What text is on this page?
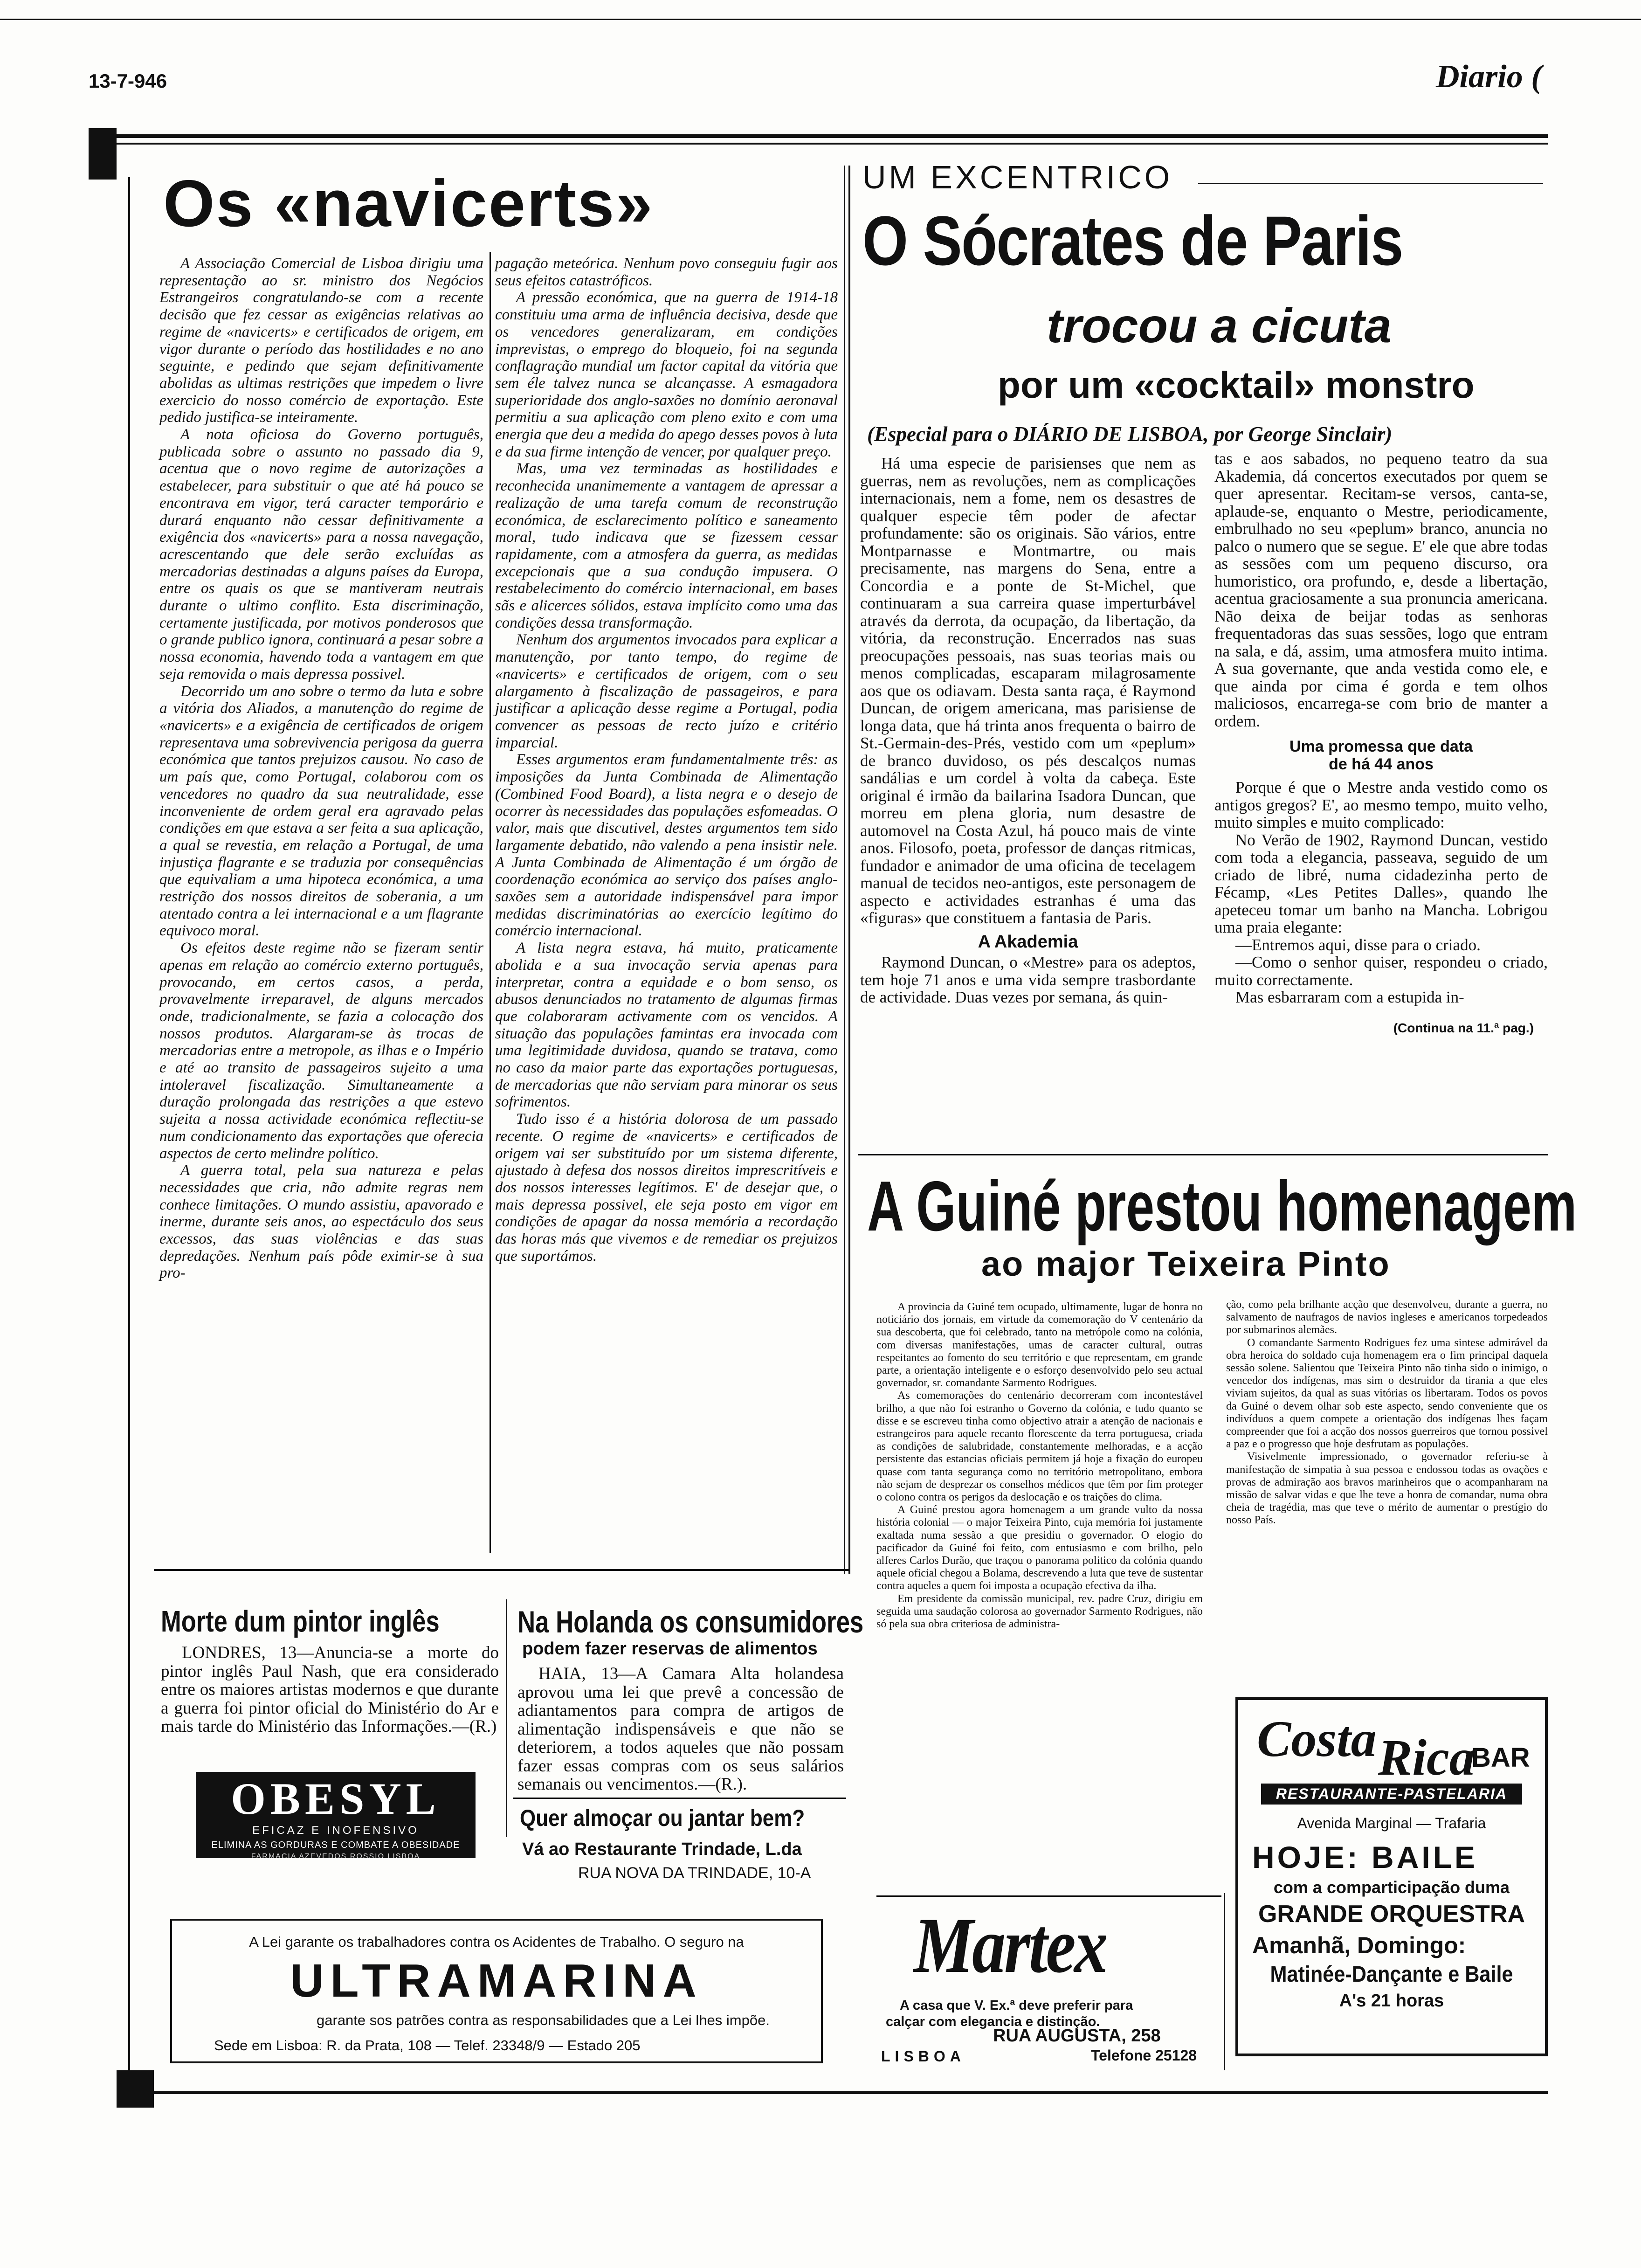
13-7-946	Diario (
Os «navicerts»

A Associação Comercial de Lisboa dirigiu uma representação ao sr. ministro dos Negócios Estrangeiros congratulando-se com a recente decisão que fez cessar as exigências relativas ao regime de «navicerts» e certificados de origem, em vigor durante o período das hostilidades e no ano seguinte, e pedindo que sejam definitivamente abolidas as ultimas restrições que impedem o livre exercicio do nosso comércio de exportação. Este pedido justifica-se inteiramente.

A nota oficiosa do Governo português, publicada sobre o assunto no passado dia 9, acentua que o novo regime de autorizações a estabelecer, para substituir o que até há pouco se encontrava em vigor, terá caracter temporário e durará enquanto não cessar definitivamente a exigência dos «navicerts» para a nossa navegação, acrescentando que dele serão excluídas as mercadorias destinadas a alguns países da Europa, entre os quais os que se mantiveram neutrais durante o ultimo conflito. Esta discriminação, certamente justificada, por motivos ponderosos que o grande publico ignora, continuará a pesar sobre a nossa economia, havendo toda a vantagem em que seja removida o mais depressa possivel.

Decorrido um ano sobre o termo da luta e sobre a vitória dos Aliados, a manutenção do regime de «navicerts» e a exigência de certificados de origem representava uma sobrevivencia perigosa da guerra económica que tantos prejuizos causou. No caso de um país que, como Portugal, colaborou com os vencedores no quadro da sua neutralidade, esse inconveniente de ordem geral era agravado pelas condições em que estava a ser feita a sua aplicação, a qual se revestia, em relação a Portugal, de uma injustiça flagrante e se traduzia por consequências que equivaliam a uma hipoteca económica, a uma restrição dos nossos direitos de soberania, a um atentado contra a lei internacional e a um flagrante equivoco moral.

Os efeitos deste regime não se fizeram sentir apenas em relação ao comércio externo português, provocando, em certos casos, a perda, provavelmente irreparavel, de alguns mercados onde, tradicionalmente, se fazia a colocação dos nossos produtos. Alargaram-se às trocas de mercadorias entre a metropole, as ilhas e o Império e até ao transito de passageiros sujeito a uma intoleravel fiscalização. Simultaneamente a duração prolongada das restrições a que estevo sujeita a nossa actividade económica reflectiu-se num condicionamento das exportações que oferecia aspectos de certo melindre político.

A guerra total, pela sua natureza e pelas necessidades que cria, não admite regras nem conhece limitações. O mundo assistiu, apavorado e inerme, durante seis anos, ao espectáculo dos seus excessos, das suas violências e das suas depredações. Nenhum país pôde eximir-se à sua pro-

pagação meteórica. Nenhum povo conseguiu fugir aos seus efeitos catastróficos.

A pressão económica, que na guerra de 1914-18 constituiu uma arma de influência decisiva, desde que os vencedores generalizaram, em condições imprevistas, o emprego do bloqueio, foi na segunda conflagração mundial um factor capital da vitória que sem éle talvez nunca se alcançasse. A esmagadora superioridade dos anglo-saxões no domínio aeronaval permitiu a sua aplicação com pleno exito e com uma energia que deu a medida do apego desses povos à luta e da sua firme intenção de vencer, por qualquer preço.

Mas, uma vez terminadas as hostilidades e reconhecida unanimemente a vantagem de apressar a realização de uma tarefa comum de reconstrução económica, de esclarecimento político e saneamento moral, tudo indicava que se fizessem cessar rapidamente, com a atmosfera da guerra, as medidas excepcionais que a sua condução impusera. O restabelecimento do comércio internacional, em bases sãs e alicerces sólidos, estava implícito como uma das condições dessa transformação.

Nenhum dos argumentos invocados para explicar a manutenção, por tanto tempo, do regime de «navicerts» e certificados de origem, com o seu alargamento à fiscalização de passageiros, e para justificar a aplicação desse regime a Portugal, podia convencer as pessoas de recto juízo e critério imparcial.

Esses argumentos eram fundamentalmente três: as imposições da Junta Combinada de Alimentação (Combined Food Board), a lista negra e o desejo de ocorrer às necessidades das populações esfomeadas. O valor, mais que discutivel, destes argumentos tem sido largamente debatido, não valendo a pena insistir nele. A Junta Combinada de Alimentação é um órgão de coordenação económica ao serviço dos países anglo-saxões sem a autoridade indispensável para impor medidas discriminatórias ao exercício legítimo do comércio internacional.

A lista negra estava, há muito, praticamente abolida e a sua invocação servia apenas para interpretar, contra a equidade e o bom senso, os abusos denunciados no tratamento de algumas firmas que colaboraram activamente com os vencidos. A situação das populações famintas era invocada com uma legitimidade duvidosa, quando se tratava, como no caso da maior parte das exportações portuguesas, de mercadorias que não serviam para minorar os seus sofrimentos.

Tudo isso é a história dolorosa de um passado recente. O regime de «navicerts» e certificados de origem vai ser substituído por um sistema diferente, ajustado à defesa dos nossos direitos imprescritíveis e dos nossos interesses legítimos. E' de desejar que, o mais depressa possivel, ele seja posto em vigor em condições de apagar da nossa memória a recordação das horas más que vivemos e de remediar os prejuizos que suportámos.

UM EXCENTRICO
O Sócrates de Paris
trocou a cicuta
por um «cocktail» monstro
(Especial para o DIÁRIO DE LISBOA, por George Sinclair)

Há uma especie de parisienses que nem as guerras, nem as revoluções, nem as complicações internacionais, nem a fome, nem os desastres de qualquer especie têm poder de afectar profundamente: são os originais. São vários, entre Montparnasse e Montmartre, ou mais precisamente, nas margens do Sena, entre a Concordia e a ponte de St-Michel, que continuaram a sua carreira quase imperturbável através da derrota, da ocupação, da libertação, da vitória, da reconstrução. Encerrados nas suas preocupações pessoais, nas suas teorias mais ou menos complicadas, escaparam milagrosamente aos que os odiavam. Desta santa raça, é Raymond Duncan, de origem americana, mas parisiense de longa data, que há trinta anos frequenta o bairro de St.-Germain-des-Prés, vestido com um «peplum» de branco duvidoso, os pés descalços numas sandálias e um cordel à volta da cabeça. Este original é irmão da bailarina Isadora Duncan, que morreu em plena gloria, num desastre de automovel na Costa Azul, há pouco mais de vinte anos. Filosofo, poeta, professor de danças ritmicas, fundador e animador de uma oficina de tecelagem manual de tecidos neo-antigos, este personagem de aspecto e actividades estranhas é uma das «figuras» que constituem a fantasia de Paris.

A Akademia

Raymond Duncan, o «Mestre» para os adeptos, tem hoje 71 anos e uma vida sempre trasbordante de actividade. Duas vezes por semana, ás quin-

tas e aos sabados, no pequeno teatro da sua Akademia, dá concertos executados por quem se quer apresentar. Recitam-se versos, canta-se, aplaude-se, enquanto o Mestre, periodicamente, embrulhado no seu «peplum» branco, anuncia no palco o numero que se segue. E' ele que abre todas as sessões com um pequeno discurso, ora humoristico, ora profundo, e, desde a libertação, acentua graciosamente a sua pronuncia americana. Não deixa de beijar todas as senhoras frequentadoras das suas sessões, logo que entram na sala, e dá, assim, uma atmosfera muito intima. A sua governante, que anda vestida como ele, e que ainda por cima é gorda e tem olhos maliciosos, encarrega-se com brio de manter a ordem.

Uma promessa que data
de há 44 anos

Porque é que o Mestre anda vestido como os antigos gregos? E', ao mesmo tempo, muito velho, muito simples e muito complicado:

No Verão de 1902, Raymond Duncan, vestido com toda a elegancia, passeava, seguido de um criado de libré, numa cidadezinha perto de Fécamp, «Les Petites Dalles», quando lhe apeteceu tomar um banho na Mancha. Lobrigou uma praia elegante:

—Entremos aqui, disse para o criado.

—Como o senhor quiser, respondeu o criado, muito correctamente.

Mas esbarraram com a estupida in-

(Continua na 11.ª pag.)
A Guiné prestou homenagem
ao major Teixeira Pinto

A provincia da Guiné tem ocupado, ultimamente, lugar de honra no noticiário dos jornais, em virtude da comemoração do V centenário da sua descoberta, que foi celebrado, tanto na metrópole como na colónia, com diversas manifestações, umas de caracter cultural, outras respeitantes ao fomento do seu território e que representam, em grande parte, a orientação inteligente e o esforço desenvolvido pelo seu actual governador, sr. comandante Sarmento Rodrigues.

As comemorações do centenário decorreram com incontestável brilho, a que não foi estranho o Governo da colónia, e tudo quanto se disse e se escreveu tinha como objectivo atrair a atenção de nacionais e estrangeiros para aquele recanto florescente da terra portuguesa, criada as condições de salubridade, constantemente melhoradas, e a acção persistente das estancias oficiais permitem já hoje a fixação do europeu quase com tanta segurança como no território metropolitano, embora não sejam de desprezar os conselhos médicos que têm por fim proteger o colono contra os perigos da deslocação e os traições do clima.

A Guiné prestou agora homenagem a um grande vulto da nossa história colonial — o major Teixeira Pinto, cuja memória foi justamente exaltada numa sessão a que presidiu o governador. O elogio do pacificador da Guiné foi feito, com entusiasmo e com brilho, pelo alferes Carlos Durão, que traçou o panorama politico da colónia quando aquele oficial chegou a Bolama, descrevendo a luta que teve de sustentar contra aqueles a quem foi imposta a ocupação efectiva da ilha.

Em presidente da comissão municipal, rev. padre Cruz, dirigiu em seguida uma saudação colorosa ao governador Sarmento Rodrigues, não só pela sua obra criteriosa de administra-

ção, como pela brilhante acção que desenvolveu, durante a guerra, no salvamento de naufragos de navios ingleses e americanos torpedeados por submarinos alemães.

O comandante Sarmento Rodrigues fez uma sintese admirável da obra heroica do soldado cuja homenagem era o fim principal daquela sessão solene. Salientou que Teixeira Pinto não tinha sido o inimigo, o vencedor dos indígenas, mas sim o destruidor da tirania a que eles viviam sujeitos, da qual as suas vitórias os libertaram. Todos os povos da Guiné o devem olhar sob este aspecto, sendo conveniente que os indivíduos a quem compete a orientação dos indígenas lhes façam compreender que foi a acção dos nossos guerreiros que tornou possivel a paz e o progresso que hoje desfrutam as populações.

Visivelmente impressionado, o governador referiu-se à manifestação de simpatia à sua pessoa e endossou todas as ovações e provas de admiração aos bravos marinheiros que o acompanharam na missão de salvar vidas e que lhe teve a honra de comandar, numa obra cheia de tragédia, mas que teve o mérito de aumentar o prestígio do nosso País.

Morte dum pintor inglês

LONDRES, 13—Anuncia-se a morte do pintor inglês Paul Nash, que era considerado entre os maiores artistas modernos e que durante a guerra foi pintor oficial do Ministério do Ar e mais tarde do Ministério das Informações.—(R.)

Na Holanda os consumidores
podem fazer reservas de alimentos

HAIA, 13—A Camara Alta holandesa aprovou uma lei que prevê a concessão de adiantamentos para compra de artigos de alimentação indispensáveis e que não se deteriorem, a todos aqueles que não possam fazer essas compras com os seus salários semanais ou vencimentos.—(R.).

OBESYL
EFICAZ E INOFENSIVO
ELIMINA AS GORDURAS E COMBATE A OBESIDADE
FARMACIA AZEVEDOS ROSSIO LISBOA
Quer almoçar ou jantar bem?
Vá ao Restaurante Trindade, L.da
RUA NOVA DA TRINDADE, 10-A
A Lei garante os trabalhadores contra os Acidentes de Trabalho. O seguro na
ULTRAMARINA
garante sos patrões contra as responsabilidades que a Lei lhes impõe.
Sede em Lisboa: R. da Prata, 108 — Telef. 23348/9 — Estado 205
Martex
A casa que V. Ex.ª deve preferir para
calçar com elegancia e distinção.
RUA AUGUSTA, 258
LISBOA	Telefone 25128
Costa Rica
BAR
RESTAURANTE-PASTELARIA
Avenida Marginal — Trafaria
HOJE: BAILE
com a comparticipação duma
GRANDE ORQUESTRA
Amanhã, Domingo:
Matinée-Dançante e Baile
A's 21 horas
